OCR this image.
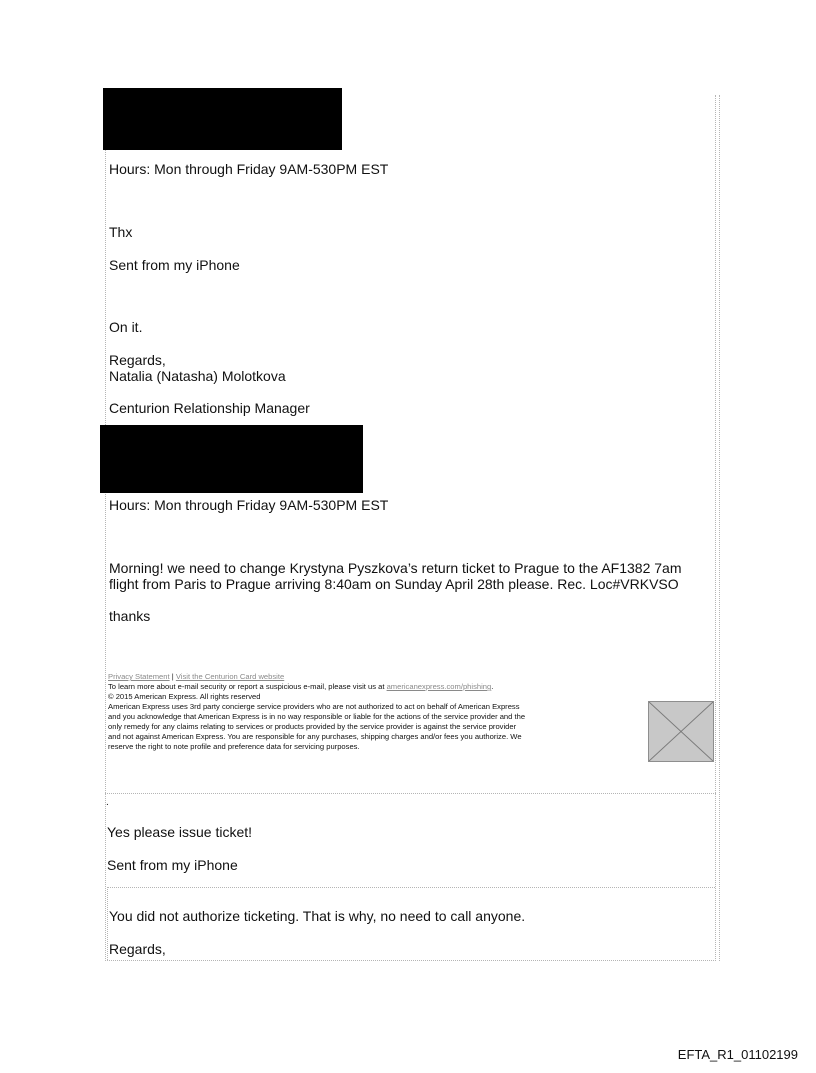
Hours: Mon through Friday 9AM-530PM EST
Thx
Sent from my iPhone
On it.
Regards,
Natalia (Natasha) Molotkova
Centurion Relationship Manager
Hours: Mon through Friday 9AM-530PM EST
Morning! we need to change Krystyna Pyszkova’s return ticket to Prague to the AF1382 7am
flight from Paris to Prague arriving 8:40am on Sunday April 28th please. Rec. Loc#VRKVSO
thanks
Privacy Statement | Visit the Centurion Card website
To learn more about e-mail security or report a suspicious e-mail, please visit us at americanexpress.com/phishing.
© 2015 American Express. All rights reserved
American Express uses 3rd party concierge service providers who are not authorized to act on behalf of American Express
and you acknowledge that American Express is in no way responsible or liable for the actions of the service provider and the
only remedy for any claims relating to services or products provided by the service provider is against the service provider
and not against American Express. You are responsible for any purchases, shipping charges and/or fees you authorize. We
reserve the right to note profile and preference data for servicing purposes.
.
Yes please issue ticket!
Sent from my iPhone
You did not authorize ticketing. That is why, no need to call anyone.
Regards,
EFTA_R1_01102199
